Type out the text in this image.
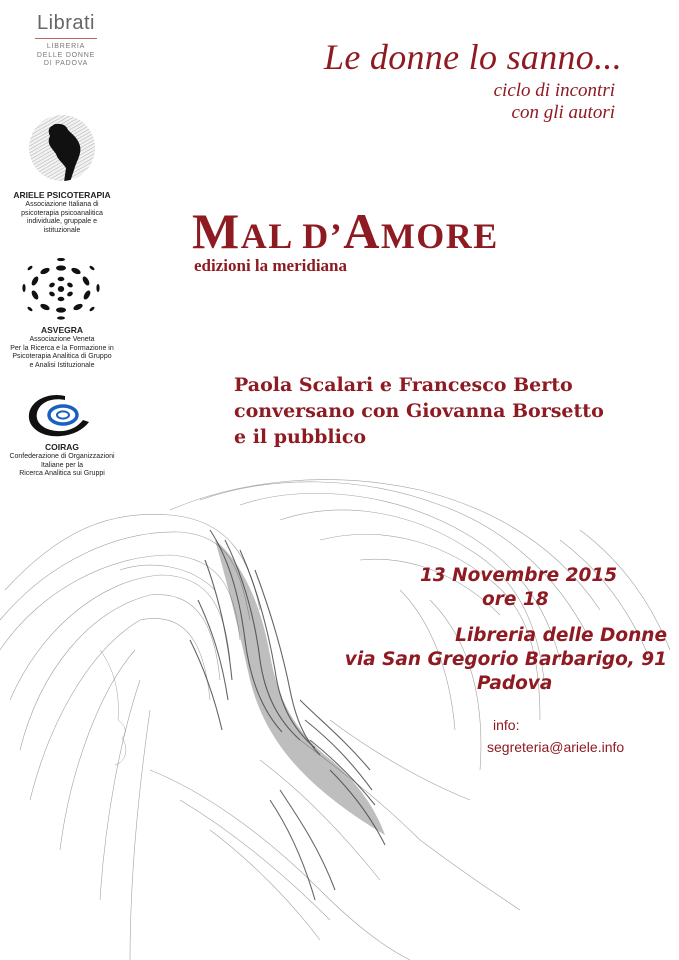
Librati
LIBRERIA
DELLE DONNE
DI PADOVA
ARIELE PSICOTERAPIA
Associazione Italiana di
psicoterapia psicoanalitica
individuale, gruppale e
istituzionale
ASVEGRA
Associazione Veneta
Per la Ricerca e la Formazione in
Psicoterapia Analitica di Gruppo
e Analisi Istituzionale
COIRAG
Confederazione di Organizzazioni
Italiane per la
Ricerca Analitica sui Gruppi
Le donne lo sanno...
ciclo di incontri
con gli autori
MAL D’AMORE
edizioni la meridiana
Paola Scalari e Francesco Berto
conversano con Giovanna Borsetto
e il pubblico
13 Novembre 2015
ore 18
Libreria delle Donne
via San Gregorio Barbarigo, 91
Padova
info:
segreteria@ariele.info
